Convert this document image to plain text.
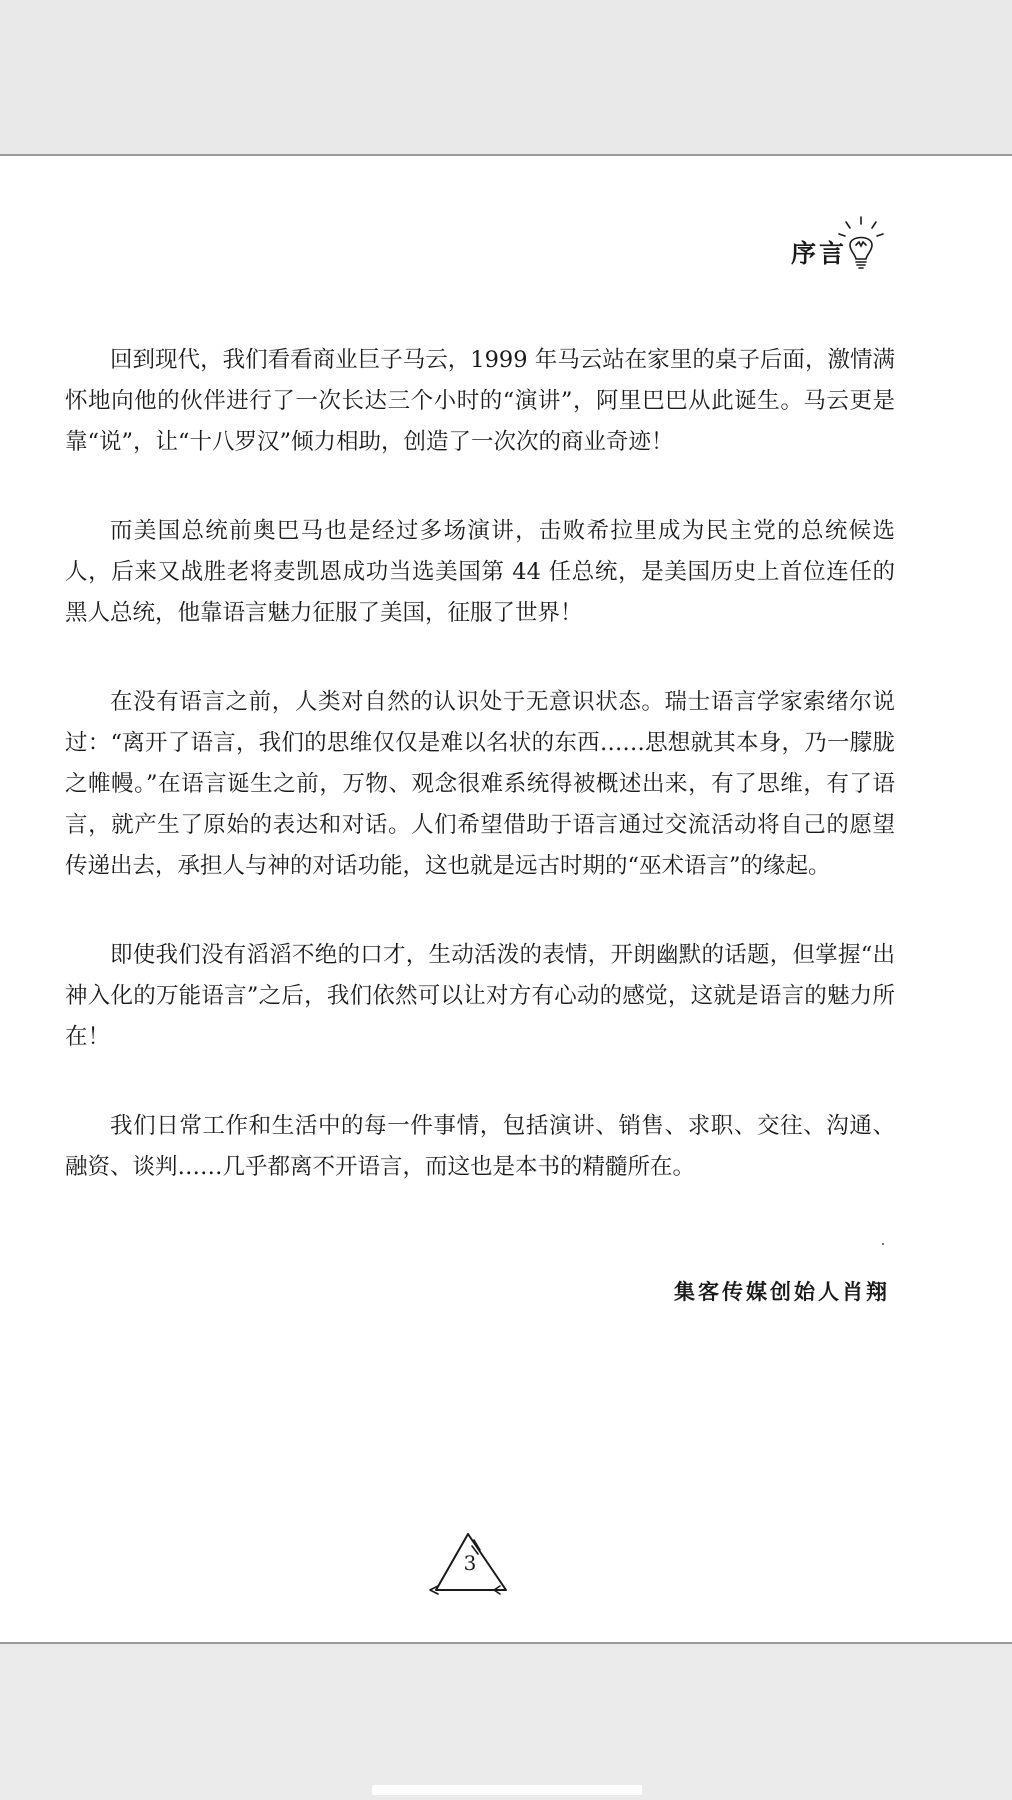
序言

回到现代，我们看看商业巨子马云，1999 年马云站在家里的桌子后面，激情满怀地向他的伙伴进行了一次长达三个小时的“演讲”，阿里巴巴从此诞生。马云更是靠“说”，让“十八罗汉”倾力相助，创造了一次次的商业奇迹！

而美国总统前奥巴马也是经过多场演讲，击败希拉里成为民主党的总统候选人，后来又战胜老将麦凯恩成功当选美国第 44 任总统，是美国历史上首位连任的黑人总统，他靠语言魅力征服了美国，征服了世界！

在没有语言之前，人类对自然的认识处于无意识状态。瑞士语言学家索绪尔说过：“离开了语言，我们的思维仅仅是难以名状的东西……思想就其本身，乃一朦胧之帷幔。”在语言诞生之前，万物、观念很难系统得被概述出来，有了思维，有了语言，就产生了原始的表达和对话。人们希望借助于语言通过交流活动将自己的愿望传递出去，承担人与神的对话功能，这也就是远古时期的“巫术语言”的缘起。

即使我们没有滔滔不绝的口才，生动活泼的表情，开朗幽默的话题，但掌握“出神入化的万能语言”之后，我们依然可以让对方有心动的感觉，这就是语言的魅力所在！

我们日常工作和生活中的每一件事情，包括演讲、销售、求职、交往、沟通、融资、谈判……几乎都离不开语言，而这也是本书的精髓所在。

集客传媒创始人肖翔
3
